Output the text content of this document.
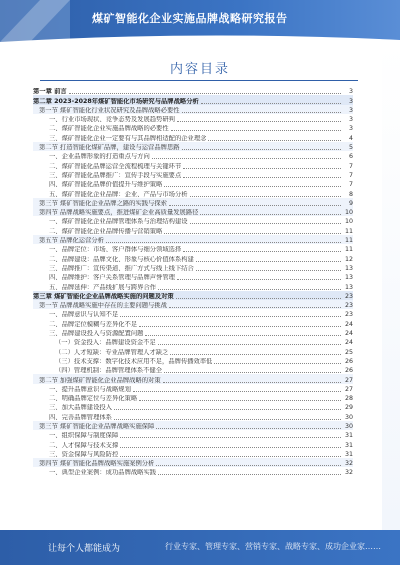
煤矿智能化企业实施品牌战略研究报告
内容目录
第一章 前言	3
第二章 2023-2028年煤矿智能化市场研究与品牌战略分析	3
第一节 煤矿智能化行业状况研究及品牌战略必要性	3
一、行业市场现状、竞争态势及发展趋势研判	3
二、煤矿智能化企业实施品牌战略的必要性	3
三、煤矿智能化企业一定要有与其品牌相适配的企业理念	4
第二节 打造智能化煤矿品牌，建设与运营品牌思路	5
一、企业品牌形象的打造重点与方向	6
二、煤矿智能化品牌运营全流程梳理与关键环节	7
三、煤矿智能化品牌推广：宣传手段与实施要点	7
四、煤矿智能化品牌价值提升与维护策略	7
五、煤矿智能化企业品牌：企业、产品与市场分析	8
第三节 煤矿智能化企业品牌之路的实践与探索	9
第四节 品牌战略实施要点，推进煤矿企业高质量发展路径	10
一、煤矿智能化企业品牌管理体系与治理结构建设	10
二、煤矿智能化企业品牌传播与营销策略	11
第五节 品牌化运营分析	11
一、品牌定位：市场、客户群体与细分领域选择	11
二、品牌建设：品牌文化、形象与核心价值体系构建	12
三、品牌推广：宣传渠道、推广方式与线上线下结合	13
四、品牌维护：客户关系管理与品牌声誉管理	13
五、品牌延伸：产品线扩展与跨界合作	13
第三章 煤矿智能化企业品牌战略实施的问题及对策	23
第一节 品牌战略实施中存在的主要问题与挑战	23
一、品牌意识与认知不足	23
二、品牌定位模糊与差异化不足	24
三、品牌建设投入与资源配置问题	24
（一）资金投入：品牌建设资金不足	24
（二）人才短缺：专业品牌管理人才缺乏	25
（三）技术支撑：数字化技术应用不足，品牌传播效率低	26
（四）管理机制：品牌管理体系不健全	26
第二节 加强煤矿智能化企业品牌战略的对策	27
一、提升品牌意识与战略规划	27
二、明确品牌定位与差异化策略	28
三、加大品牌建设投入	29
四、完善品牌管理体系	30
第三节 煤矿智能化企业品牌战略实施保障	30
一、组织保障与制度保障	31
二、人才保障与技术支撑	31
三、资金保障与风险防控	31
第四节 煤矿智能化品牌战略实施案例分析	32
一、典型企业案例：成功品牌战略实践	32
让每个人都能成为	行业专家、管理专家、营销专家、战略专家、成功企业家……
